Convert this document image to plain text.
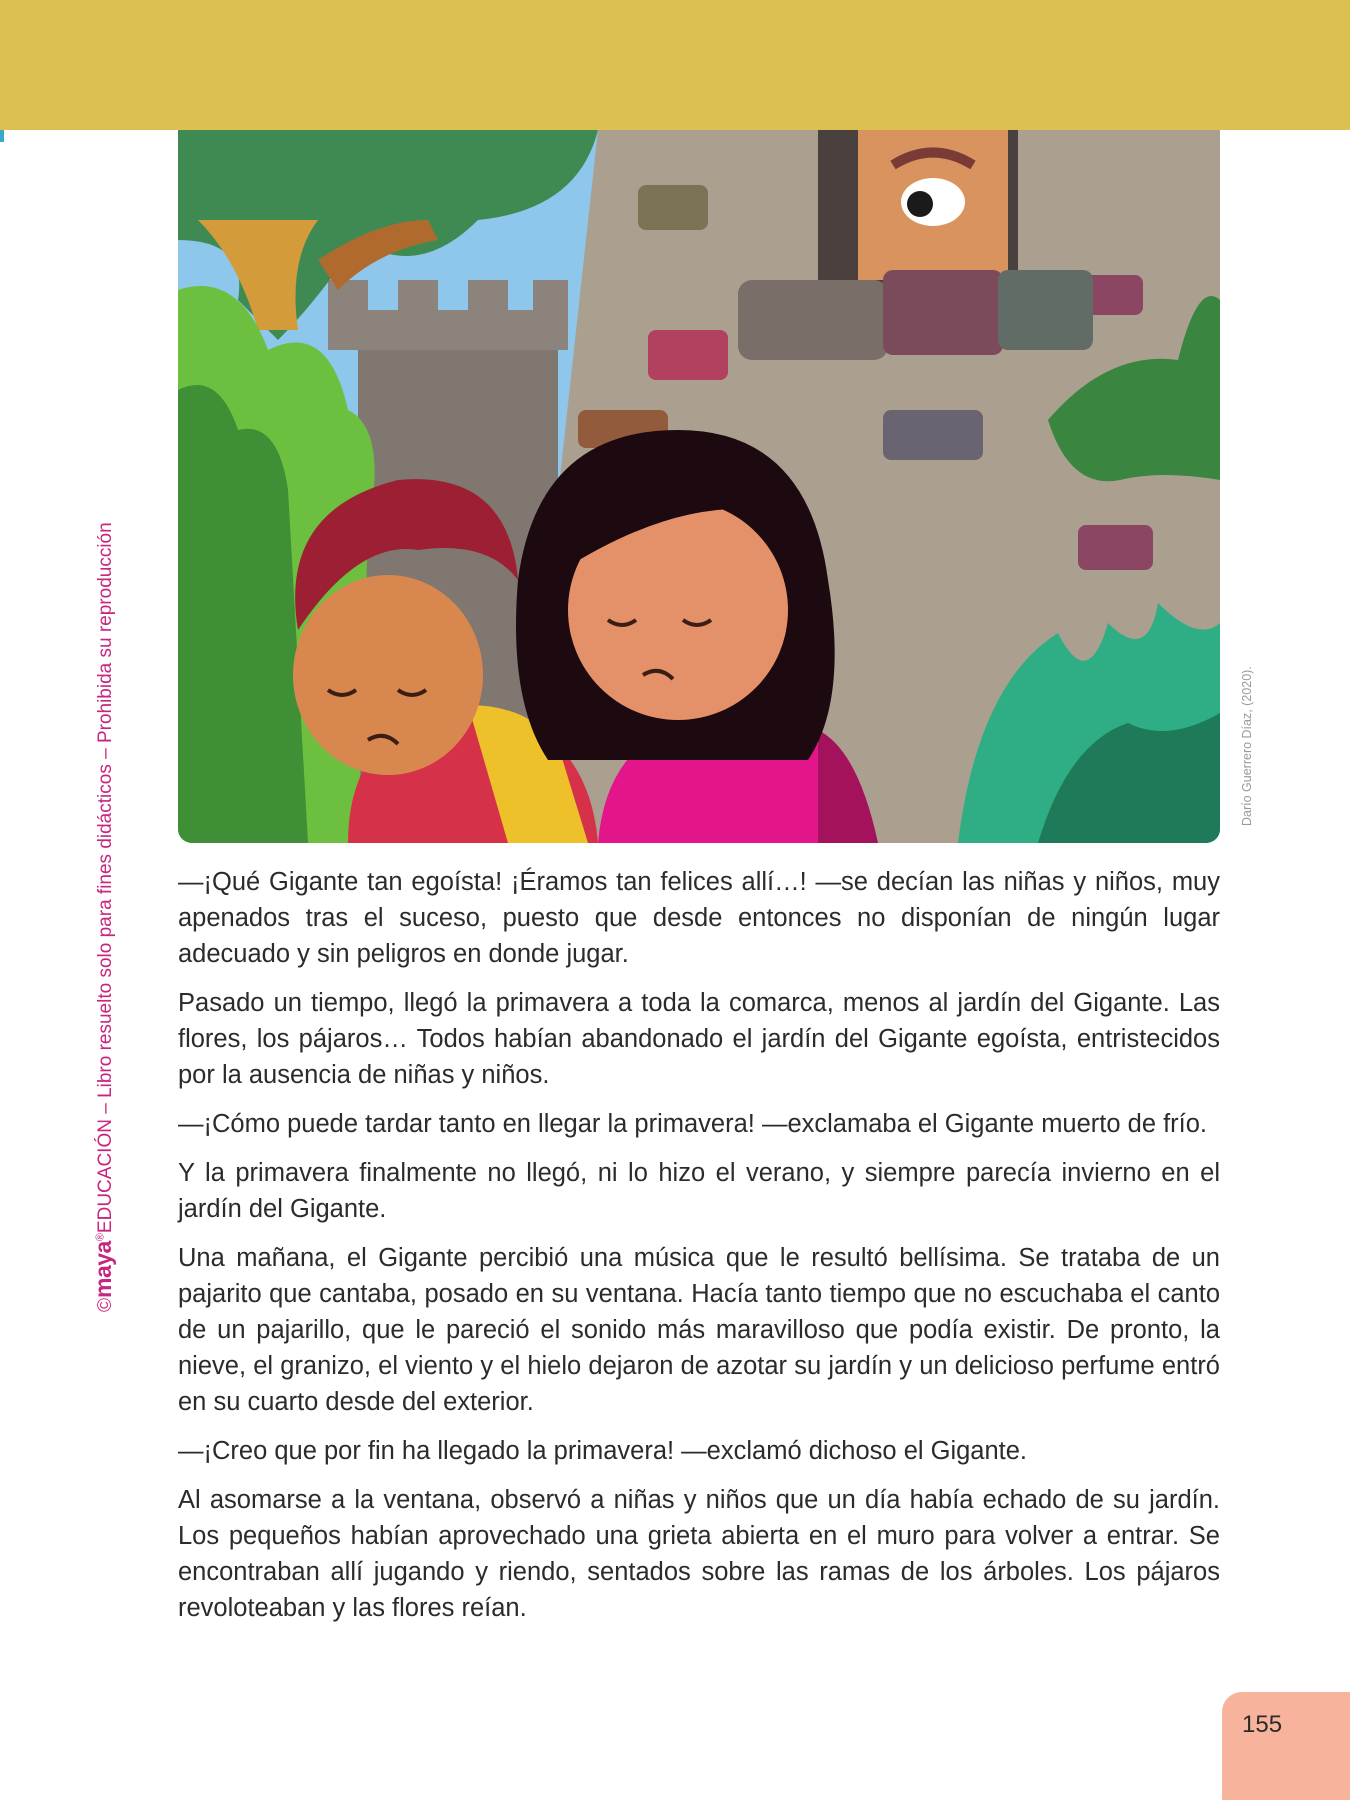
Darío Guerrero Díaz, (2020).
©maya®EDUCACIÓN – Libro resuelto solo para fines didácticos – Prohibida su reproducción —¡Qué Gigante tan egoísta! ¡Éramos tan felices allí…! —se decían las niñas y niños, muy apenados tras el suceso, puesto que desde entonces no disponían de ningún lugar adecuado y sin peligros en donde jugar.

Pasado un tiempo, llegó la primavera a toda la comarca, menos al jardín del Gigante. Las flores, los pájaros… Todos habían abandonado el jardín del Gigante egoísta, entristecidos por la ausencia de niñas y niños.

—¡Cómo puede tardar tanto en llegar la primavera! —exclamaba el Gigante muerto de frío.

Y la primavera finalmente no llegó, ni lo hizo el verano, y siempre parecía invierno en el jardín del Gigante.

Una mañana, el Gigante percibió una música que le resultó bellísima. Se trataba de un pajarito que cantaba, posado en su ventana. Hacía tanto tiempo que no escuchaba el canto de un pajarillo, que le pareció el sonido más maravilloso que podía existir. De pronto, la nieve, el granizo, el viento y el hielo dejaron de azotar su jardín y un delicioso perfume entró en su cuarto desde del exterior.

—¡Creo que por fin ha llegado la primavera! —exclamó dichoso el Gigante.

Al asomarse a la ventana, observó a niñas y niños que un día había echado de su jardín. Los pequeños habían aprovechado una grieta abierta en el muro para volver a entrar. Se encontraban allí jugando y riendo, sentados sobre las ramas de los árboles. Los pájaros revoloteaban y las flores reían.

155
